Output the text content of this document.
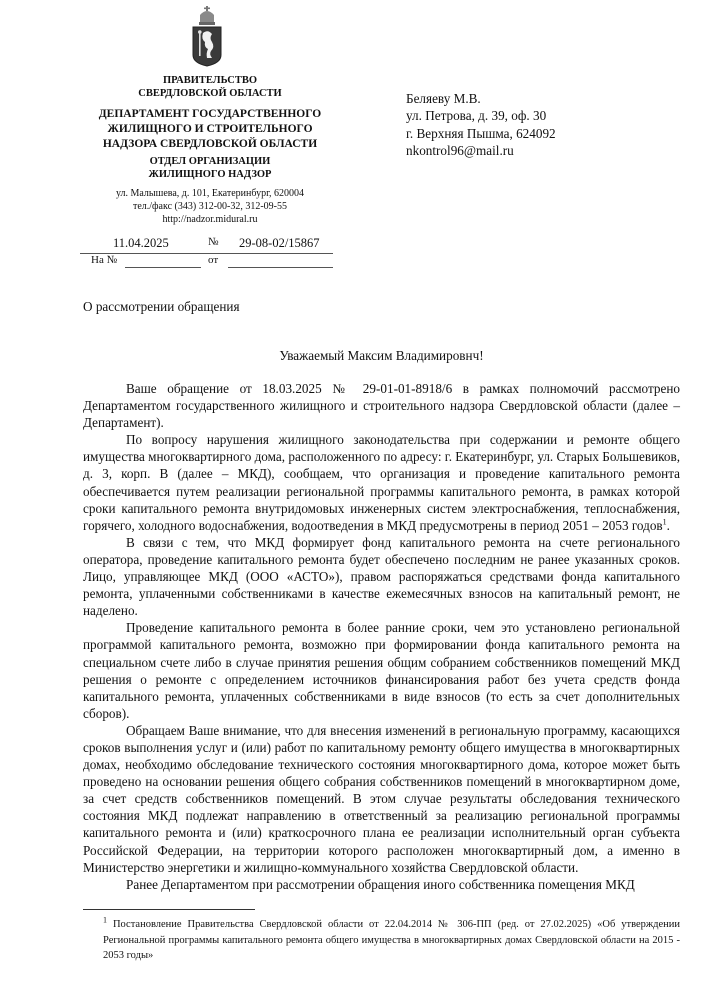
ПРАВИТЕЛЬСТВО
СВЕРДЛОВСКОЙ ОБЛАСТИ
ДЕПАРТАМЕНТ ГОСУДАРСТВЕННОГО
ЖИЛИЩНОГО И СТРОИТЕЛЬНОГО
НАДЗОРА СВЕРДЛОВСКОЙ ОБЛАСТИ
ОТДЕЛ ОРГАНИЗАЦИИ
ЖИЛИЩНОГО НАДЗОР
ул. Малышева, д. 101, Екатеринбург, 620004
тел./факс (343) 312-00-32, 312-09-55
http://nadzor.midural.ru
11.04.2025	№ 29-08-02/15867
На №	от
Беляеву М.В.
ул. Петрова, д. 39, оф. 30
г. Верхняя Пышма, 624092
nkontrol96@mail.ru
О рассмотрении обращения
Уважаемый Максим Владимировнч!

Ваше обращение от 18.03.2025 № 29-01-01-8918/6 в рамках полномочий рассмотрено Департаментом государственного жилищного и строительного надзора Свердловской области (далее – Департамент).

По вопросу нарушения жилищного законодательства при содержании и ремонте общего имущества многоквартирного дома, расположенного по адресу: г. Екатеринбург, ул. Старых Большевиков, д. 3, корп. В (далее – МКД), сообщаем, что организация и проведение капитального ремонта обеспечивается путем реализации региональной программы капитального ремонта, в рамках которой сроки капитального ремонта внутридомовых инженерных систем электроснабжения, теплоснабжения, горячего, холодного водоснабжения, водоотведения в МКД предусмотрены в период 2051 – 2053 годов$^1$.

В связи с тем, что МКД формирует фонд капитального ремонта на счете регионального оператора, проведение капитального ремонта будет обеспечено последним не ранее указанных сроков. Лицо, управляющее МКД (ООО «АСТО»), правом распоряжаться средствами фонда капитального ремонта, уплаченными собственниками в качестве ежемесячных взносов на капитальный ремонт, не наделено.

Проведение капитального ремонта в более ранние сроки, чем это установлено региональной программой капитального ремонта, возможно при формировании фонда капитального ремонта на специальном счете либо в случае принятия решения общим собранием собственников помещений МКД решения о ремонте с определением источников финансирования работ без учета средств фонда капитального ремонта, уплаченных собственниками в виде взносов (то есть за счет дополнительных сборов).

Обращаем Ваше внимание, что для внесения изменений в региональную программу, касающихся сроков выполнения услуг и (или) работ по капитальному ремонту общего имущества в многоквартирных домах, необходимо обследование технического состояния многоквартирного дома, которое может быть проведено на основании решения общего собрания собственников помещений в многоквартирном доме, за счет средств собственников помещений. В этом случае результаты обследования технического состояния МКД подлежат направлению в ответственный за реализацию региональной программы капитального ремонта и (или) краткосрочного плана ее реализации исполнительный орган субъекта Российской Федерации, на территории которого расположен многоквартирный дом, а именно в Министерство энергетики и жилищно-коммунального хозяйства Свердловской области.

Ранее Департаментом при рассмотрении обращения иного собственника помещения МКД

$^1$ Постановление Правительства Свердловской области от 22.04.2014 № 306-ПП (ред. от 27.02.2025) «Об утверждении Региональной программы капитального ремонта общего имущества в многоквартирных домах Свердловской области на 2015 - 2053 годы»
